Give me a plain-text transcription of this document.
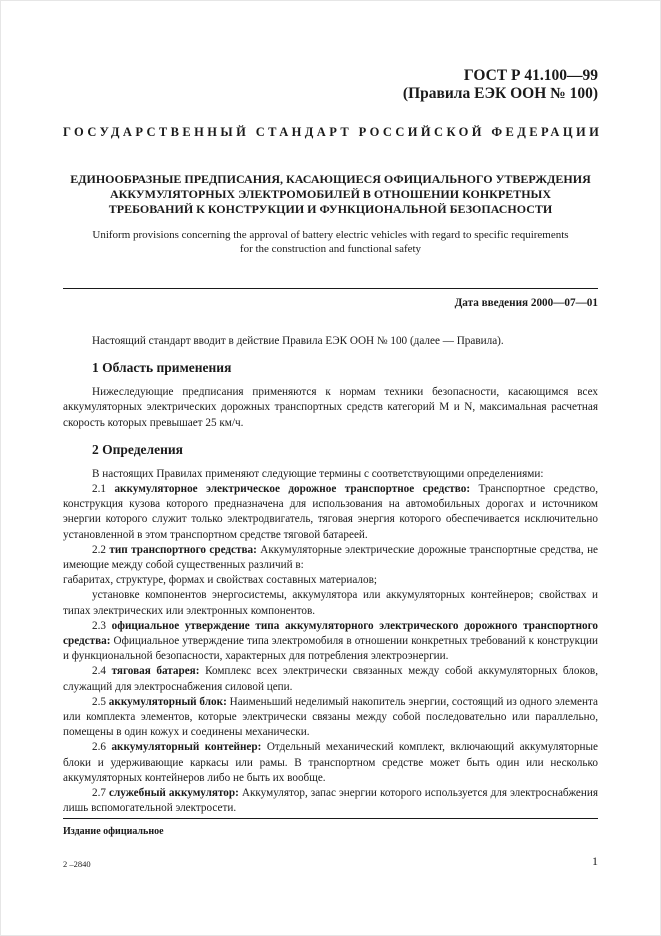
ГОСТ Р 41.100—99
(Правила ЕЭК ООН № 100)
ГОСУДАРСТВЕННЫЙ СТАНДАРТ РОССИЙСКОЙ ФЕДЕРАЦИИ
ЕДИНООБРАЗНЫЕ ПРЕДПИСАНИЯ, КАСАЮЩИЕСЯ ОФИЦИАЛЬНОГО УТВЕРЖДЕНИЯ
АККУМУЛЯТОРНЫХ ЭЛЕКТРОМОБИЛЕЙ В ОТНОШЕНИИ КОНКРЕТНЫХ
ТРЕБОВАНИЙ К КОНСТРУКЦИИ И ФУНКЦИОНАЛЬНОЙ БЕЗОПАСНОСТИ
Uniform provisions concerning the approval of battery electric vehicles with regard to specific requirements
for the construction and functional safety
Дата введения 2000—07—01

Настоящий стандарт вводит в действие Правила ЕЭК ООН № 100 (далее — Правила).

1 Область применения

Нижеследующие предписания применяются к нормам техники безопасности, касающимся всех аккумуляторных электрических дорожных транспортных средств категорий M и N, максимальная расчетная скорость которых превышает 25 км/ч.

2 Определения

В настоящих Правилах применяют следующие термины с соответствующими определениями:

2.1 аккумуляторное электрическое дорожное транспортное средство: Транспортное средство, конструкция кузова которого предназначена для использования на автомобильных дорогах и источником энергии которого служит только электродвигатель, тяговая энергия которого обеспечивается исключительно установленной в этом транспортном средстве тяговой батареей.

2.2 тип транспортного средства: Аккумуляторные электрические дорожные транспортные средства, не имеющие между собой существенных различий в:

габаритах, структуре, формах и свойствах составных материалов;

установке компонентов энергосистемы, аккумулятора или аккумуляторных контейнеров; свойствах и типах электрических или электронных компонентов.

2.3 официальное утверждение типа аккумуляторного электрического дорожного транспортного средства: Официальное утверждение типа электромобиля в отношении конкретных требований к конструкции и функциональной безопасности, характерных для потребления электроэнергии.

2.4 тяговая батарея: Комплекс всех электрически связанных между собой аккумуляторных блоков, служащий для электроснабжения силовой цепи.

2.5 аккумуляторный блок: Наименьший неделимый накопитель энергии, состоящий из одного элемента или комплекта элементов, которые электрически связаны между собой последовательно или параллельно, помещены в один кожух и соединены механически.

2.6 аккумуляторный контейнер: Отдельный механический комплект, включающий аккумуляторные блоки и удерживающие каркасы или рамы. В транспортном средстве может быть один или несколько аккумуляторных контейнеров либо не быть их вообще.

2.7 служебный аккумулятор: Аккумулятор, запас энергии которого используется для электроснабжения лишь вспомогательной электросети.

Издание официальное
2 –2840	1
